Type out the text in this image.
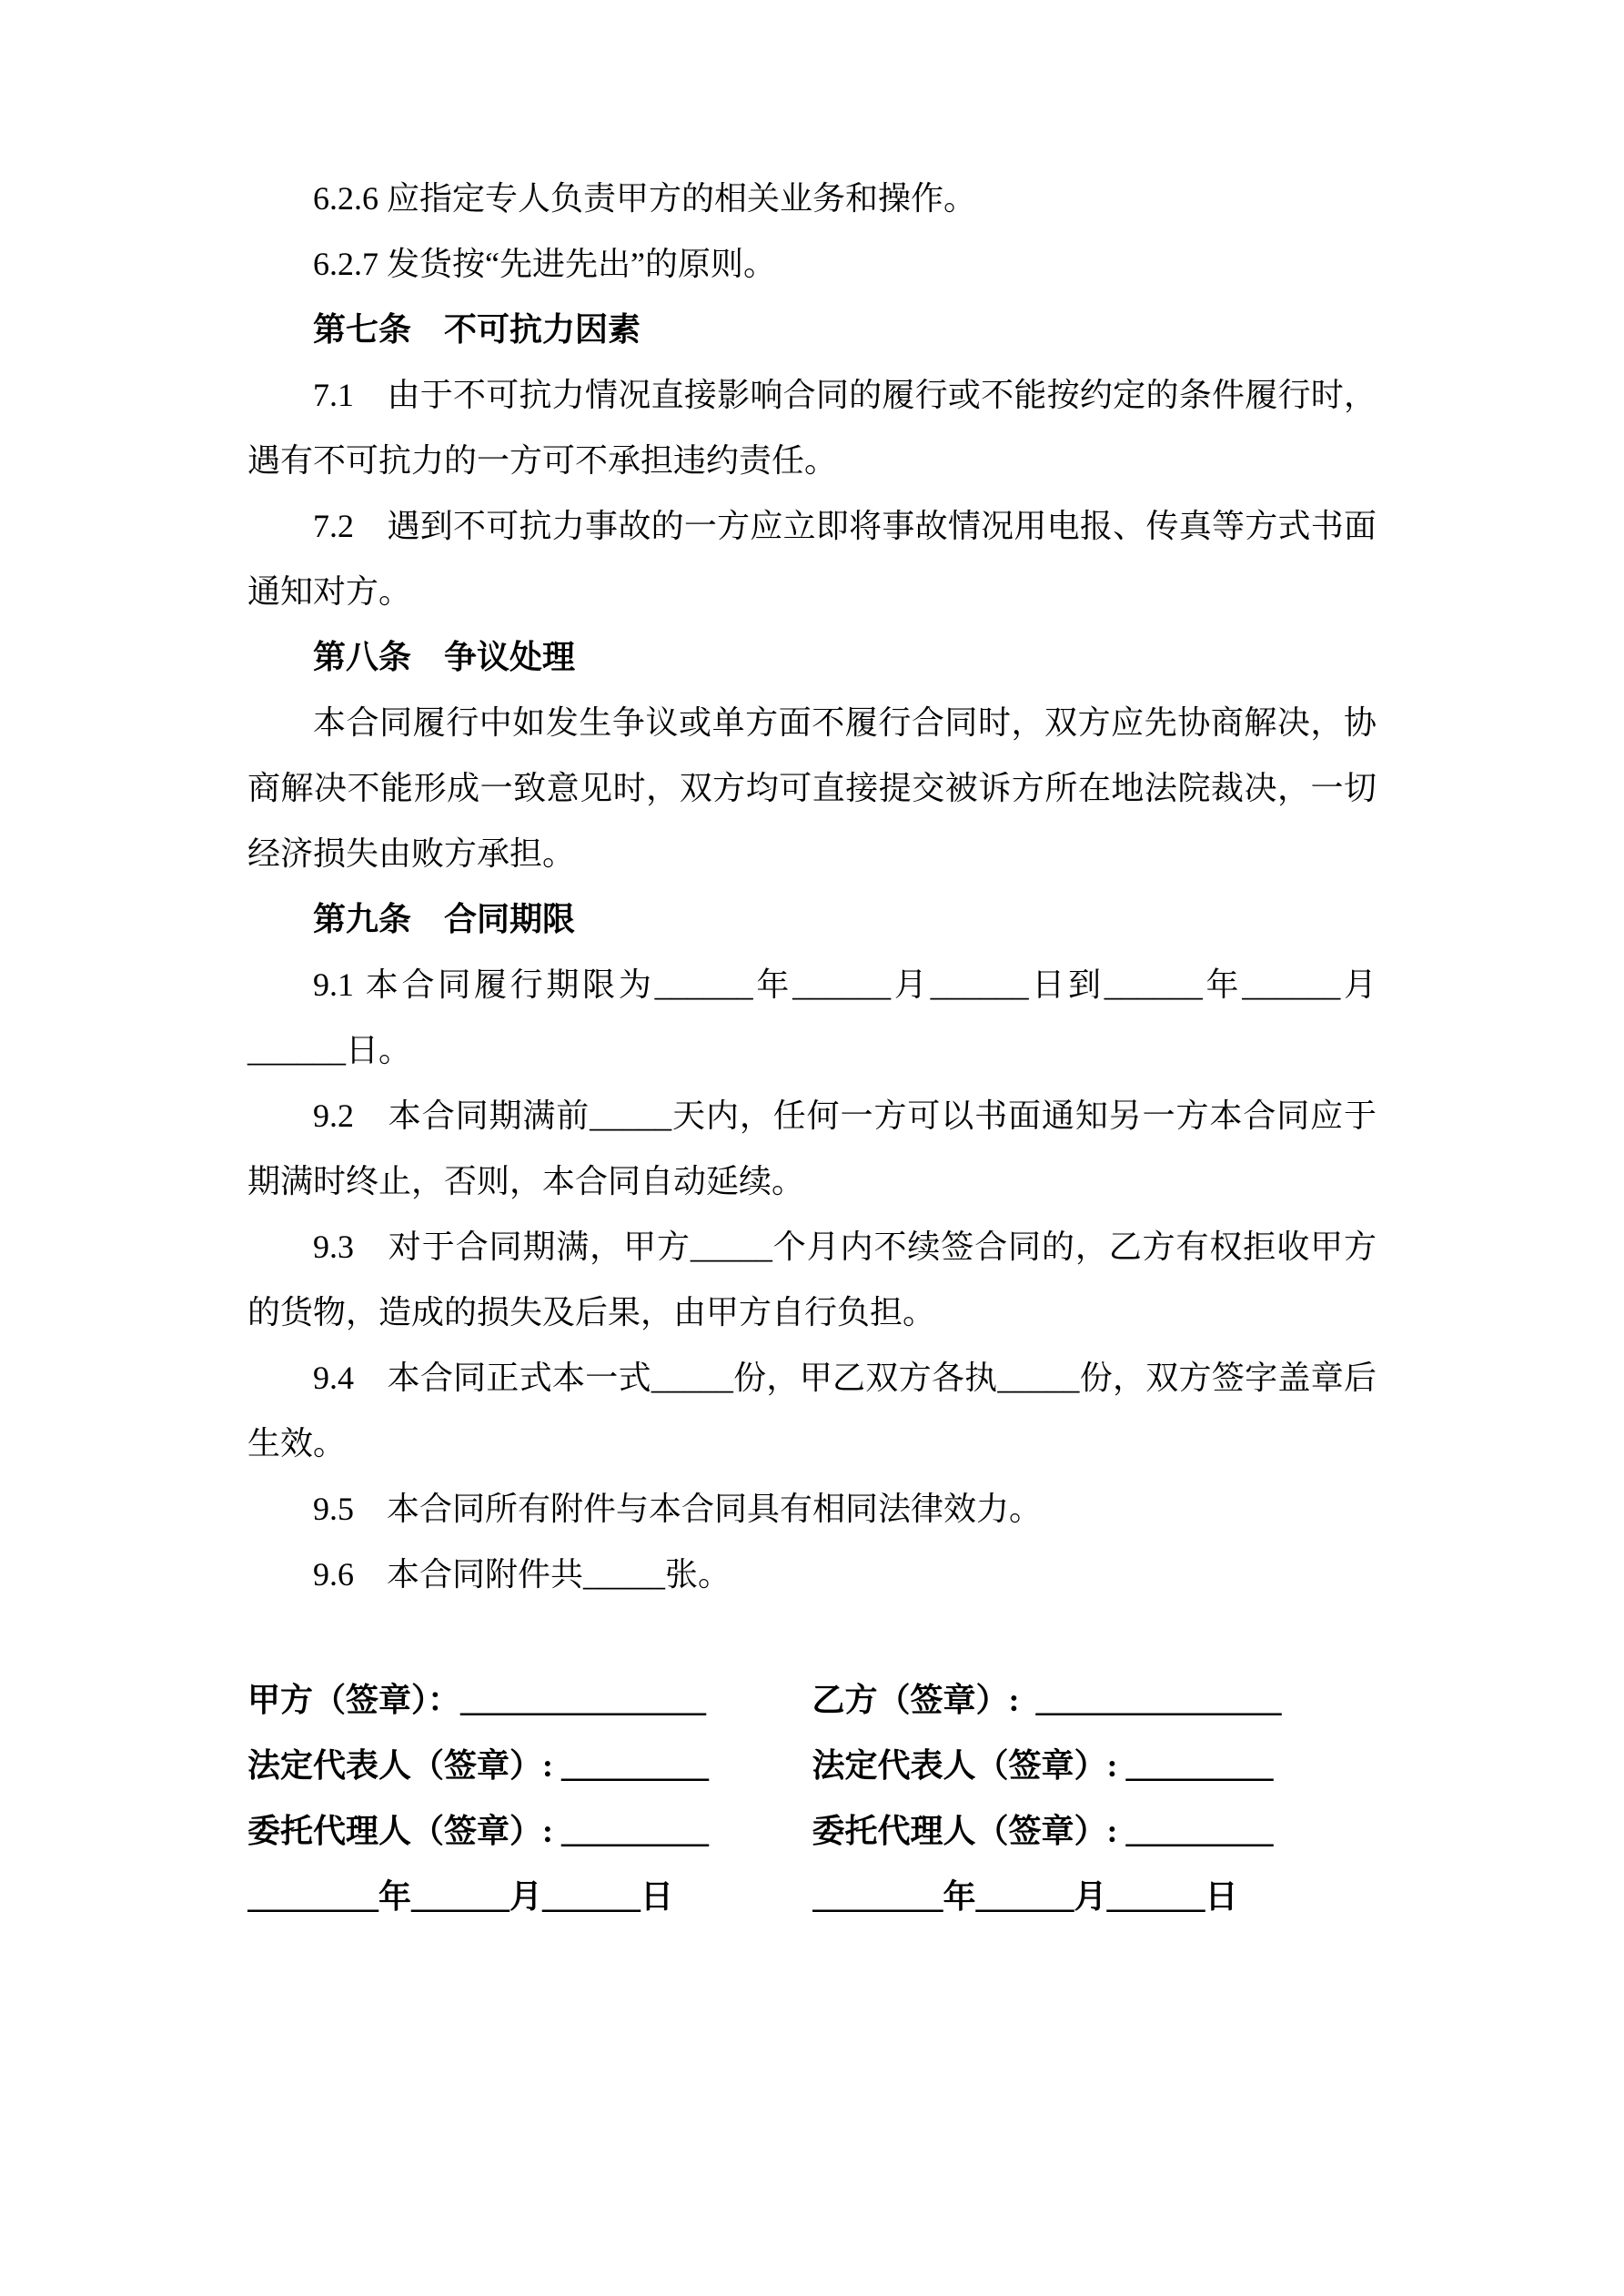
6.2.6 应指定专人负责甲方的相关业务和操作。

6.2.7 发货按“先进先出”的原则。

第七条　不可抗力因素

7.1　由于不可抗力情况直接影响合同的履行或不能按约定的条件履行时，遇有不可抗力的一方可不承担违约责任。

7.2　遇到不可抗力事故的一方应立即将事故情况用电报、传真等方式书面通知对方。

第八条　争议处理

本合同履行中如发生争议或单方面不履行合同时，双方应先协商解决，协商解决不能形成一致意见时，双方均可直接提交被诉方所在地法院裁决，一切经济损失由败方承担。

第九条　合同期限

9.1 本合同履行期限为______年______月______日到______年______月______日。

9.2　本合同期满前_____天内，任何一方可以书面通知另一方本合同应于期满时终止，否则，本合同自动延续。

9.3　对于合同期满，甲方_____个月内不续签合同的，乙方有权拒收甲方的货物，造成的损失及后果，由甲方自行负担。

9.4　本合同正式本一式_____份，甲乙双方各执_____份，双方签字盖章后生效。

9.5　本合同所有附件与本合同具有相同法律效力。

9.6　本合同附件共_____张。

甲方（签章）：_______________	乙方（签章）:  _______________
法定代表人（签章）: _________	法定代表人（签章）: _________
委托代理人（签章）: _________	委托代理人（签章）: _________
________年______月______日	________年______月______日
